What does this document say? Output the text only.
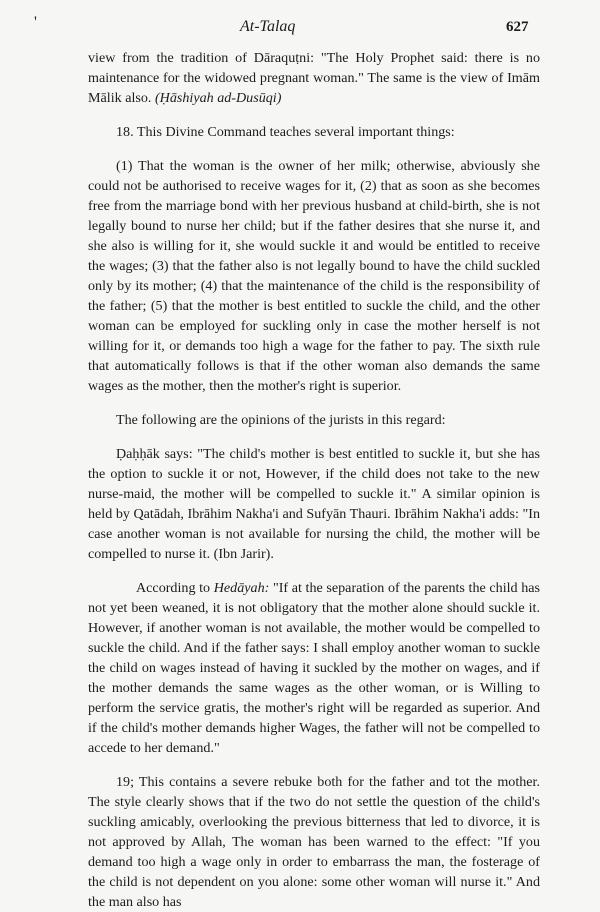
'	At-Talaq	627

view from the tradition of Dāraquṭni: "The Holy Prophet said: there is no maintenance for the widowed pregnant woman." The same is the view of Imām Mālik also. (Ḥāshiyah ad-Dusūqi)

18. This Divine Command teaches several important things:

(1) That the woman is the owner of her milk; otherwise, abviously she could not be authorised to receive wages for it, (2) that as soon as she becomes free from the marriage bond with her previous husband at child-birth, she is not legally bound to nurse her child; but if the father desires that she nurse it, and she also is willing for it, she would suckle it and would be entitled to receive the wages; (3) that the father also is not legally bound to have the child suckled only by its mother; (4) that the maintenance of the child is the responsibility of the father; (5) that the mother is best entitled to suckle the child, and the other woman can be employed for suckling only in case the mother herself is not willing for it, or demands too high a wage for the father to pay. The sixth rule that automatically follows is that if the other woman also demands the same wages as the mother, then the mother's right is superior.

The following are the opinions of the jurists in this regard:

Ḍaḥḥāk says: "The child's mother is best entitled to suckle it, but she has the option to suckle it or not, However, if the child does not take to the new nurse-maid, the mother will be compelled to suckle it." A similar opinion is held by Qatādah, Ibrāhim Nakha'i and Sufyān Thauri. Ibrāhim Nakha'i adds: "In case another woman is not available for nursing the child, the mother will be compelled to nurse it. (Ibn Jarir).

According to Hedāyah: "If at the separation of the parents the child has not yet been weaned, it is not obligatory that the mother alone should suckle it. However, if another woman is not available, the mother would be compelled to suckle the child. And if the father says: I shall employ another woman to suckle the child on wages instead of having it suckled by the mother on wages, and if the mother demands the same wages as the other woman, or is Willing to perform the service gratis, the mother's right will be regarded as superior. And if the child's mother demands higher Wages, the father will not be compelled to accede to her demand."

19; This contains a severe rebuke both for the father and tot the mother. The style clearly shows that if the two do not settle the question of the child's suckling amicably, overlooking the previous bitterness that led to divorce, it is not approved by Allah, The woman has been warned to the effect: "If you demand too high a wage only in order to embarrass the man, the fosterage of the child is not dependent on you alone: some other woman will nurse it." And the man also has
